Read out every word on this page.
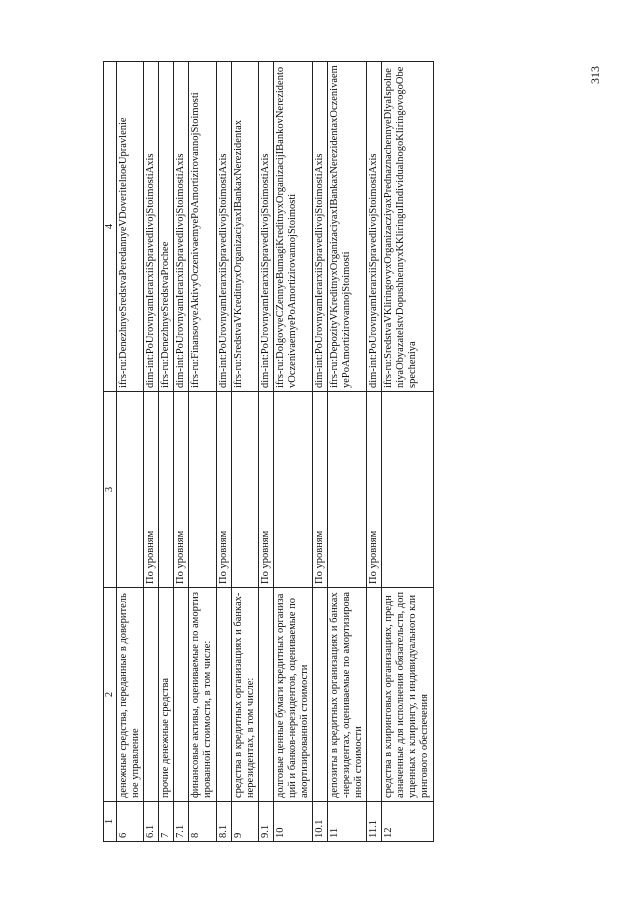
1	2	3	4
6	денежные средства, переданные в доверительное управление		ifrs-ru:DenezhnyeSredstvaPeredannyeVDoveritelnoeUpravlenie
6.1		По уровням	dim-int:PoUrovnyamIerarxiiSpravedlivojStoimostiAxis
7	прочие денежные средства		ifrs-ru:DenezhnyeSredstvaProchee
7.1		По уровням	dim-int:PoUrovnyamIerarxiiSpravedlivojStoimostiAxis
8	финансовые активы, оцениваемые по амортизированной стоимости, в том числе:		ifrs-ru:FinansovyeAktivyOczenivaemyePoAmortizirovannojStoimosti
8.1		По уровням	dim-int:PoUrovnyamIerarxiiSpravedlivojStoimostiAxis
9	средства в кредитных организациях и банках-нерезидентах, в том числе:		ifrs-ru:SredstvaVKreditnyxOrganizaciyaxIBankaxNerezidentax
9.1		По уровням	dim-int:PoUrovnyamIerarxiiSpravedlivojStoimostiAxis
10	долговые ценные бумаги кредитных организаций и банков-нерезидентов, оцениваемые по амортизированной стоимости		ifrs-ru:DolgovyeCZennyeBumagiKreditnyxOrganizacijIBankovNerezidentovOczenivaemyePoAmortizirovannojStoimosti
10.1		По уровням	dim-int:PoUrovnyamIerarxiiSpravedlivojStoimostiAxis
11	депозиты в кредитных организациях и банках-нерезидентах, оцениваемые по амортизированной стоимости		ifrs-ru:DepozityVKreditnyxOrganizaciyaxIBankaxNerezidentaxOczenivaemyePoAmortizirovannojStoimosti
11.1		По уровням	dim-int:PoUrovnyamIerarxiiSpravedlivojStoimostiAxis
12	средства в клиринговых организациях, предназначенные для исполнения обязательств, допущенных к клирингу, и индивидуального клирингового обеспечения		ifrs-ru:SredstvaVKliringovyxOrganizacziyaxPrednaznachennyeDlyaIspolneniyaObyazatelstvDopushhennyxKKliringuIIndividualnogoKliringovogoObespecheniya
313
